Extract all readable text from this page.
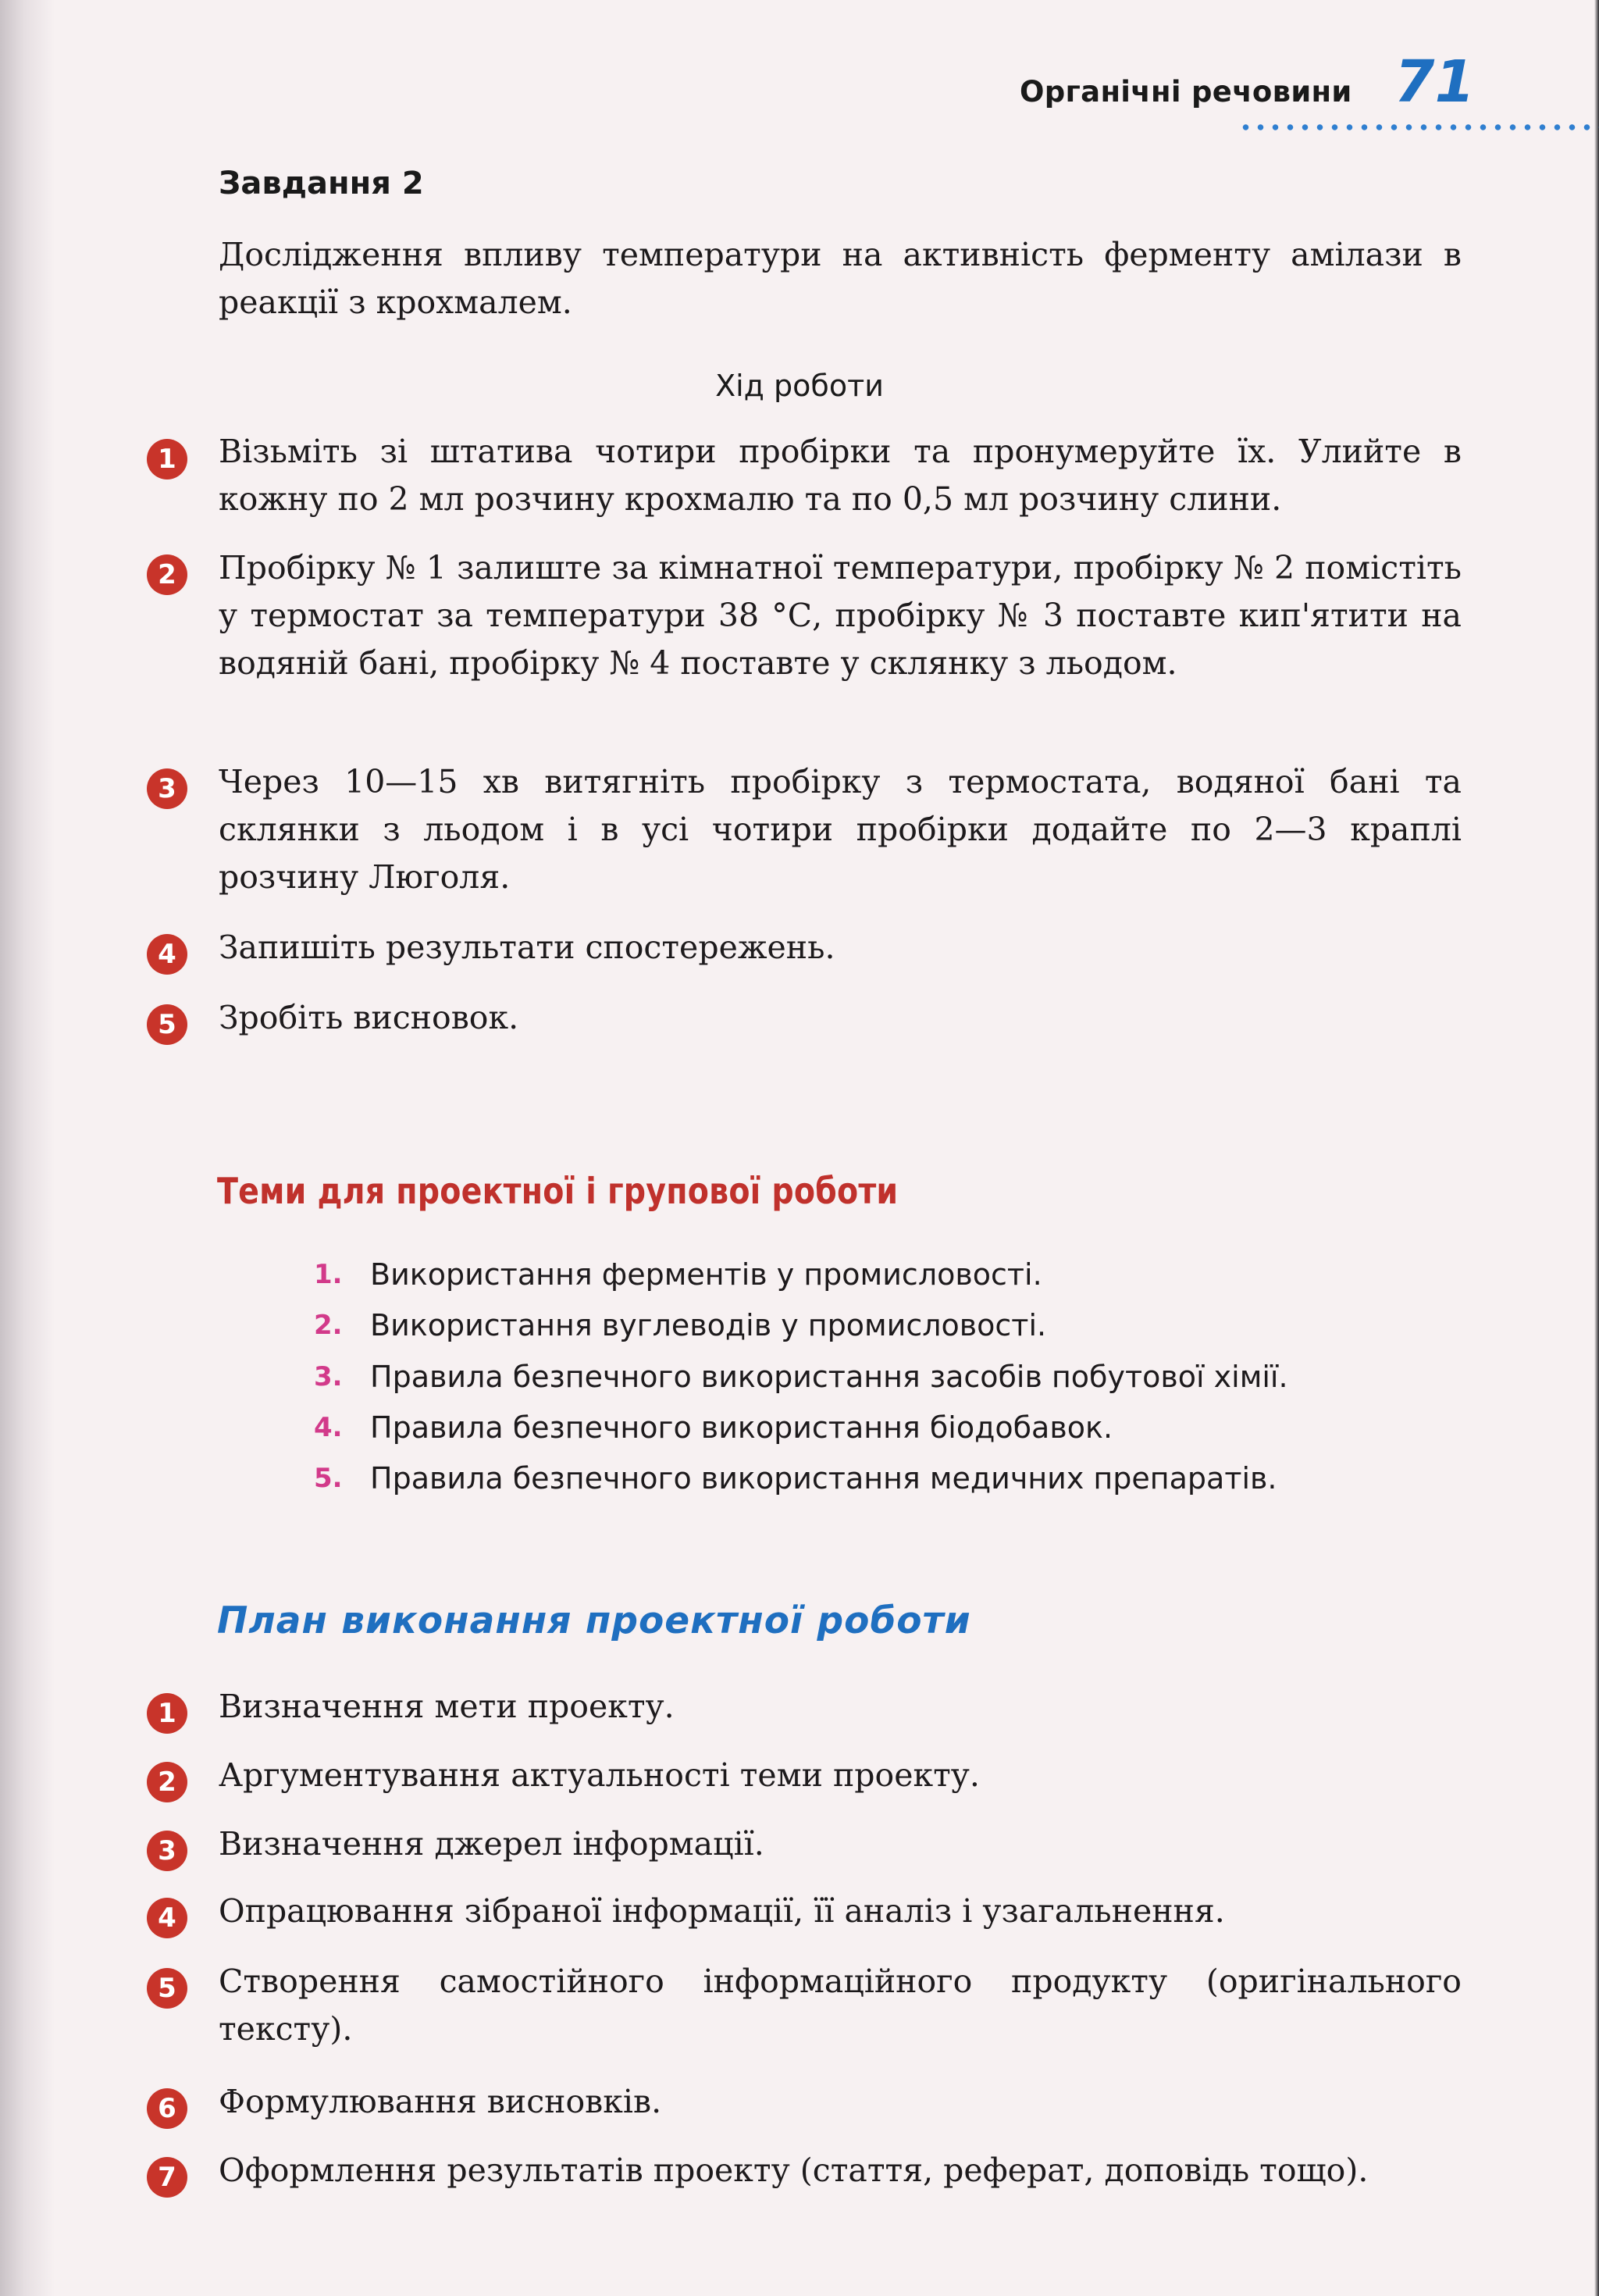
Органічні речовини 71
Завдання 2
Дослідження впливу температури на активність ферменту амілази в реакції з крохмалем.
Хід роботи
1	Візьміть зі штатива чотири пробірки та пронумеруйте їх. Улийте в кожну по 2 мл розчину крохмалю та по 0,5 мл розчину слини.
2	Пробірку № 1 залиште за кімнатної температури, пробірку № 2 помістіть у термостат за температури 38 °С, пробірку № 3 поставте кип'ятити на водяній бані, пробірку № 4 поставте у склянку з льодом.
3	Через 10—15 хв витягніть пробірку з термостата, водяної бані та склянки з льодом і в усі чотири пробірки додайте по 2—3 краплі розчину Люголя.
4	Запишіть результати спостережень.
5	Зробіть висновок.
Теми для проектної і групової роботи
1. Використання ферментів у промисловості.
2. Використання вуглеводів у промисловості.
3. Правила безпечного використання засобів побутової хімії.
4. Правила безпечного використання біодобавок.
5. Правила безпечного використання медичних препаратів.
План виконання проектної роботи
1	Визначення мети проекту.
2	Аргументування актуальності теми проекту.
3	Визначення джерел інформації.
4	Опрацювання зібраної інформації, її аналіз і узагальнення.
5	Створення самостійного інформаційного продукту (оригінального тексту).
6	Формулювання висновків.
7	Оформлення результатів проекту (стаття, реферат, доповідь тощо).
